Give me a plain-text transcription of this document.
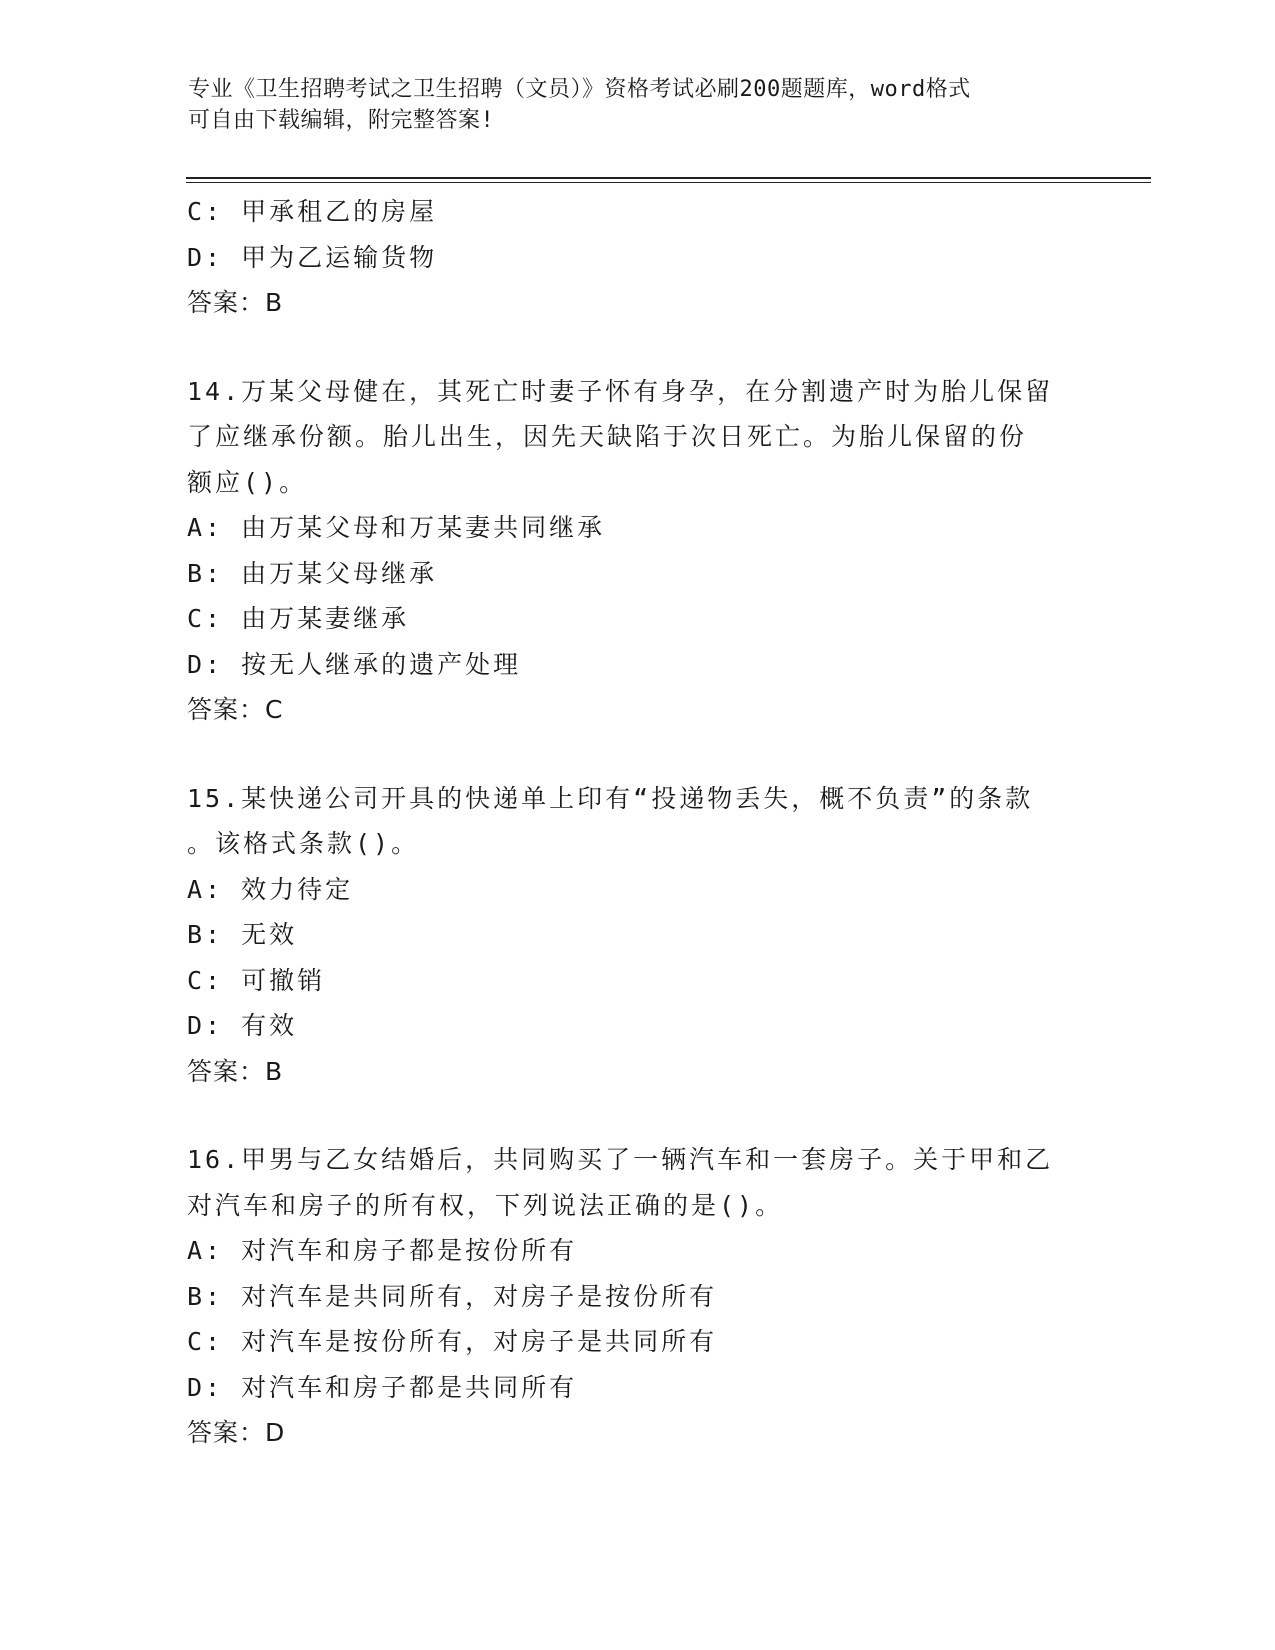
专业《卫生招聘考试之卫生招聘（文员）》资格考试必刷200题题库，word格式
可自由下载编辑，附完整答案!
C: 甲承租乙的房屋
D: 甲为乙运输货物
答案：B
14.万某父母健在，其死亡时妻子怀有身孕，在分割遗产时为胎儿保留
了应继承份额。胎儿出生，因先天缺陷于次日死亡。为胎儿保留的份
额应()。
A: 由万某父母和万某妻共同继承
B: 由万某父母继承
C: 由万某妻继承
D: 按无人继承的遗产处理
答案：C
15.某快递公司开具的快递单上印有“投递物丢失，概不负责”的条款
。该格式条款()。
A: 效力待定
B: 无效
C: 可撤销
D: 有效
答案：B
16.甲男与乙女结婚后，共同购买了一辆汽车和一套房子。关于甲和乙
对汽车和房子的所有权，下列说法正确的是()。
A: 对汽车和房子都是按份所有
B: 对汽车是共同所有，对房子是按份所有
C: 对汽车是按份所有，对房子是共同所有
D: 对汽车和房子都是共同所有
答案：D
